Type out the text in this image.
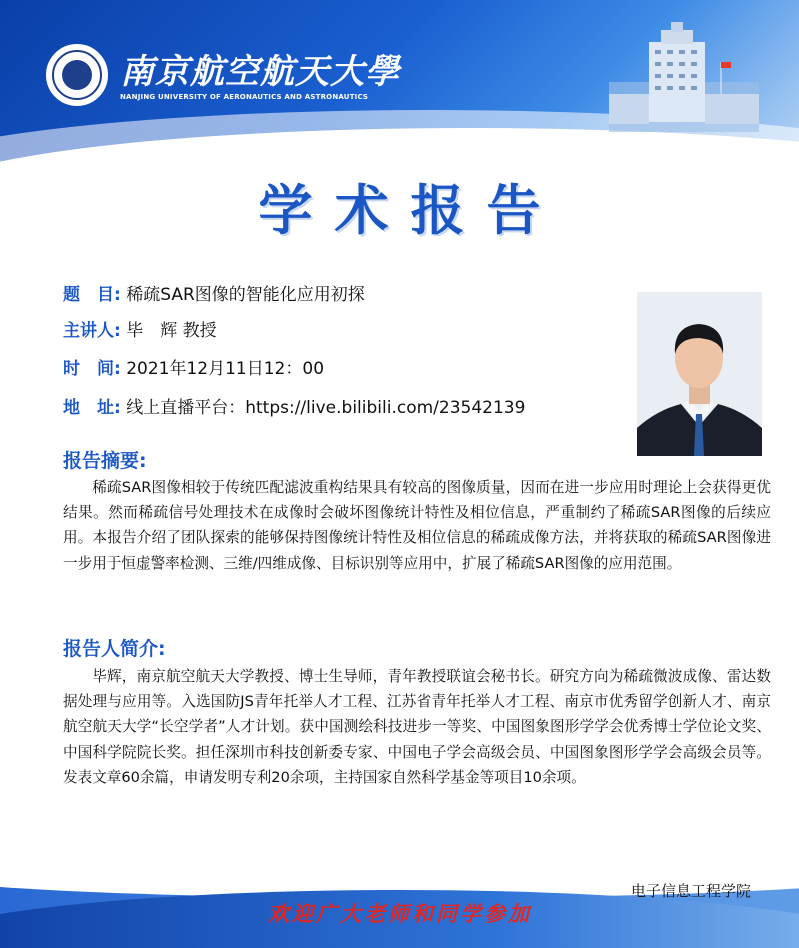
南京航空航天大學
NANJING UNIVERSITY OF AERONAUTICS AND ASTRONAUTICS
学术报告
题　目: 稀疏SAR图像的智能化应用初探
主讲人: 毕　辉 教授
时　间: 2021年12月11日12：00
地　址: 线上直播平台：https://live.bilibili.com/23542139
报告摘要:
稀疏SAR图像相较于传统匹配滤波重构结果具有较高的图像质量，因而在进一步应用时理论上会获得更优结果。然而稀疏信号处理技术在成像时会破坏图像统计特性及相位信息，严重制约了稀疏SAR图像的后续应用。本报告介绍了团队探索的能够保持图像统计特性及相位信息的稀疏成像方法，并将获取的稀疏SAR图像进一步用于恒虚警率检测、三维/四维成像、目标识别等应用中，扩展了稀疏SAR图像的应用范围。
报告人简介:
毕辉，南京航空航天大学教授、博士生导师，青年教授联谊会秘书长。研究方向为稀疏微波成像、雷达数据处理与应用等。入选国防JS青年托举人才工程、江苏省青年托举人才工程、南京市优秀留学创新人才、南京航空航天大学“长空学者”人才计划。获中国测绘科技进步一等奖、中国图象图形学学会优秀博士学位论文奖、中国科学院院长奖。担任深圳市科技创新委专家、中国电子学会高级会员、中国图象图形学学会高级会员等。发表文章60余篇，申请发明专利20余项，主持国家自然科学基金等项目10余项。
电子信息工程学院
欢迎广大老师和同学参加
